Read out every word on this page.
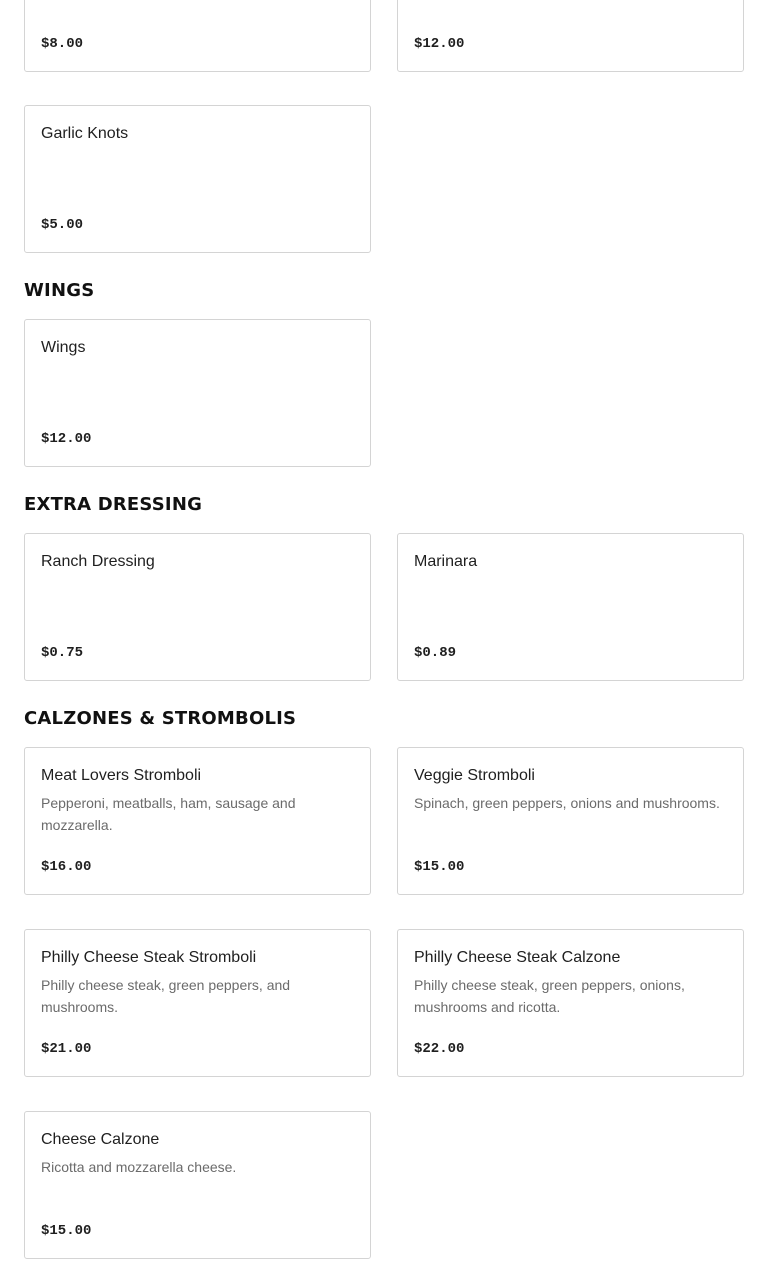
$8.00	$12.00
Garlic Knots
$5.00
WINGS
Wings
$12.00
EXTRA DRESSING
Ranch Dressing
$0.75
Marinara
$0.89
CALZONES & STROMBOLIS
Meat Lovers Stromboli
Pepperoni, meatballs, ham, sausage and mozzarella.
$16.00
Veggie Stromboli
Spinach, green peppers, onions and mushrooms.
$15.00
Philly Cheese Steak Stromboli
Philly cheese steak, green peppers, and mushrooms.
$21.00
Philly Cheese Steak Calzone
Philly cheese steak, green peppers, onions, mushrooms and ricotta.
$22.00
Cheese Calzone
Ricotta and mozzarella cheese.
$15.00
